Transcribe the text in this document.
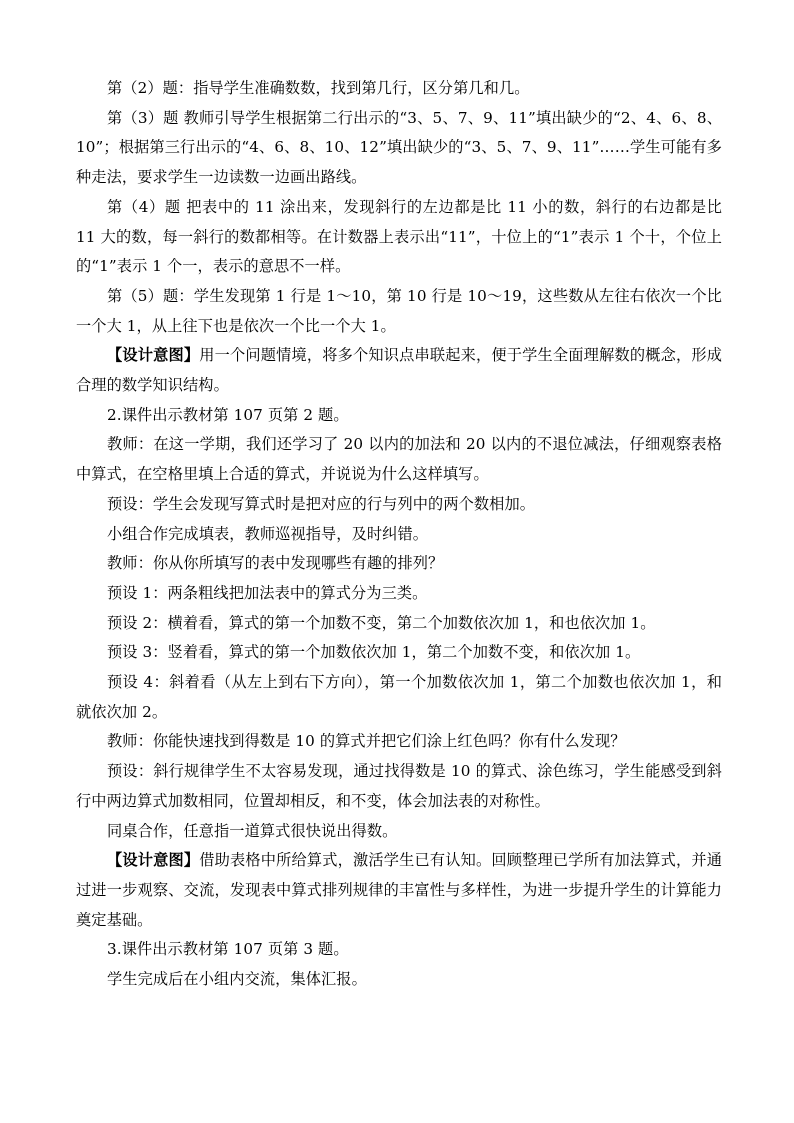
第（2）题：指导学生准确数数，找到第几行，区分第几和几。

第（3）题 教师引导学生根据第二行出示的“3、5、7、9、11”填出缺少的“2、4、6、8、10”；根据第三行出示的“4、6、8、10、12”填出缺少的“3、5、7、9、11”……学生可能有多种走法，要求学生一边读数一边画出路线。

第（4）题 把表中的 11 涂出来，发现斜行的左边都是比 11 小的数，斜行的右边都是比 11 大的数，每一斜行的数都相等。在计数器上表示出“11”，十位上的“1”表示 1 个十，个位上的“1”表示 1 个一，表示的意思不一样。

第（5）题：学生发现第 1 行是 1～10，第 10 行是 10～19，这些数从左往右依次一个比一个大 1，从上往下也是依次一个比一个大 1。

【设计意图】用一个问题情境，将多个知识点串联起来，便于学生全面理解数的概念，形成合理的数学知识结构。

2.课件出示教材第 107 页第 2 题。

教师：在这一学期，我们还学习了 20 以内的加法和 20 以内的不退位减法，仔细观察表格中算式，在空格里填上合适的算式，并说说为什么这样填写。

预设：学生会发现写算式时是把对应的行与列中的两个数相加。

小组合作完成填表，教师巡视指导，及时纠错。

教师：你从你所填写的表中发现哪些有趣的排列？

预设 1：两条粗线把加法表中的算式分为三类。

预设 2：横着看，算式的第一个加数不变，第二个加数依次加 1，和也依次加 1。

预设 3：竖着看，算式的第一个加数依次加 1，第二个加数不变，和依次加 1。

预设 4：斜着看（从左上到右下方向），第一个加数依次加 1，第二个加数也依次加 1，和就依次加 2。

教师：你能快速找到得数是 10 的算式并把它们涂上红色吗？你有什么发现？

预设：斜行规律学生不太容易发现，通过找得数是 10 的算式、涂色练习，学生能感受到斜行中两边算式加数相同，位置却相反，和不变，体会加法表的对称性。

同桌合作，任意指一道算式很快说出得数。

【设计意图】借助表格中所给算式，激活学生已有认知。回顾整理已学所有加法算式，并通过进一步观察、交流，发现表中算式排列规律的丰富性与多样性，为进一步提升学生的计算能力奠定基础。

3.课件出示教材第 107 页第 3 题。

学生完成后在小组内交流，集体汇报。
